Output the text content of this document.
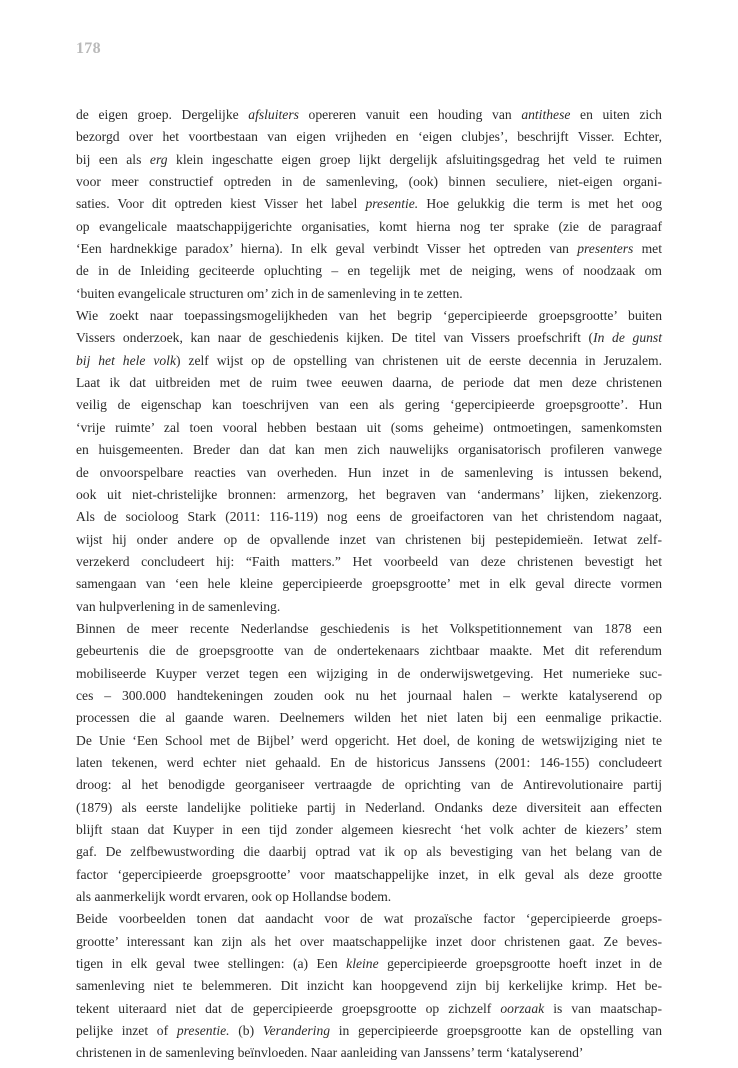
178

de eigen groep. Dergelijke afsluiters opereren vanuit een houding van antithese en uiten zich
bezorgd over het voortbestaan van eigen vrijheden en ‘eigen clubjes’, beschrijft Visser. Echter,
bij een als erg klein ingeschatte eigen groep lijkt dergelijk afsluitingsgedrag het veld te ruimen
voor meer constructief optreden in de samenleving, (ook) binnen seculiere, niet-eigen organi-
saties. Voor dit optreden kiest Visser het label presentie. Hoe gelukkig die term is met het oog
op evangelicale maatschappijgerichte organisaties, komt hierna nog ter sprake (zie de paragraaf
‘Een hardnekkige paradox’ hierna). In elk geval verbindt Visser het optreden van presenters met
de in de Inleiding geciteerde opluchting – en tegelijk met de neiging, wens of noodzaak om
‘buiten evangelicale structuren om’ zich in de samenleving in te zetten.

Wie zoekt naar toepassingsmogelijkheden van het begrip ‘gepercipieerde groepsgrootte’ buiten
Vissers onderzoek, kan naar de geschiedenis kijken. De titel van Vissers proefschrift (In de gunst
bij het hele volk) zelf wijst op de opstelling van christenen uit de eerste decennia in Jeruzalem.
Laat ik dat uitbreiden met de ruim twee eeuwen daarna, de periode dat men deze christenen
veilig de eigenschap kan toeschrijven van een als gering ‘gepercipieerde groepsgrootte’. Hun
‘vrije ruimte’ zal toen vooral hebben bestaan uit (soms geheime) ontmoetingen, samenkomsten
en huisgemeenten. Breder dan dat kan men zich nauwelijks organisatorisch profileren vanwege
de onvoorspelbare reacties van overheden. Hun inzet in de samenleving is intussen bekend,
ook uit niet-christelijke bronnen: armenzorg, het begraven van ‘andermans’ lijken, ziekenzorg.
Als de socioloog Stark (2011: 116-119) nog eens de groeifactoren van het christendom nagaat,
wijst hij onder andere op de opvallende inzet van christenen bij pestepidemieën. Ietwat zelf-
verzekerd concludeert hij: “Faith matters.” Het voorbeeld van deze christenen bevestigt het
samengaan van ‘een hele kleine gepercipieerde groepsgrootte’ met in elk geval directe vormen
van hulpverlening in de samenleving.

Binnen de meer recente Nederlandse geschiedenis is het Volkspetitionnement van 1878 een
gebeurtenis die de groepsgrootte van de ondertekenaars zichtbaar maakte. Met dit referendum
mobiliseerde Kuyper verzet tegen een wijziging in de onderwijswetgeving. Het numerieke suc-
ces – 300.000 handtekeningen zouden ook nu het journaal halen – werkte katalyserend op
processen die al gaande waren. Deelnemers wilden het niet laten bij een eenmalige prikactie.
De Unie ‘Een School met de Bijbel’ werd opgericht. Het doel, de koning de wetswijziging niet te
laten tekenen, werd echter niet gehaald. En de historicus Janssens (2001: 146-155) concludeert
droog: al het benodigde georganiseer vertraagde de oprichting van de Antirevolutionaire partij
(1879) als eerste landelijke politieke partij in Nederland. Ondanks deze diversiteit aan effecten
blijft staan dat Kuyper in een tijd zonder algemeen kiesrecht ‘het volk achter de kiezers’ stem
gaf. De zelfbewustwording die daarbij optrad vat ik op als bevestiging van het belang van de
factor ‘gepercipieerde groepsgrootte’ voor maatschappelijke inzet, in elk geval als deze grootte
als aanmerkelijk wordt ervaren, ook op Hollandse bodem.

Beide voorbeelden tonen dat aandacht voor de wat prozaïsche factor ‘gepercipieerde groeps-
grootte’ interessant kan zijn als het over maatschappelijke inzet door christenen gaat. Ze beves-
tigen in elk geval twee stellingen: (a) Een kleine gepercipieerde groepsgrootte hoeft inzet in de
samenleving niet te belemmeren. Dit inzicht kan hoopgevend zijn bij kerkelijke krimp. Het be-
tekent uiteraard niet dat de gepercipieerde groepsgrootte op zichzelf oorzaak is van maatschap-
pelijke inzet of presentie. (b) Verandering in gepercipieerde groepsgrootte kan de opstelling van
christenen in de samenleving beïnvloeden. Naar aanleiding van Janssens’ term ‘katalyserend’
